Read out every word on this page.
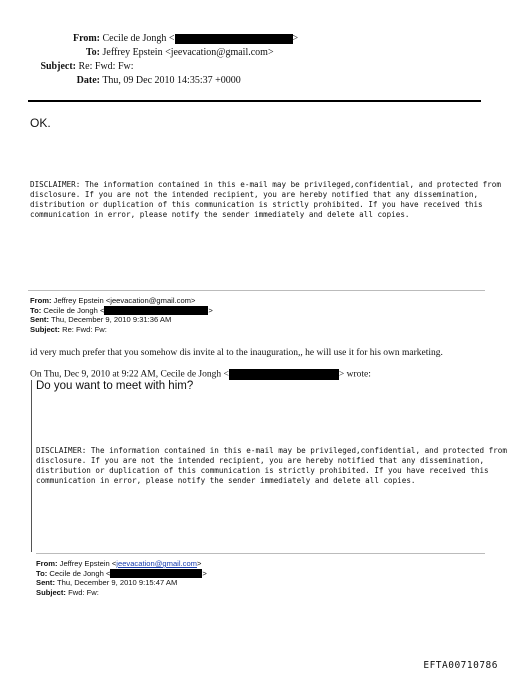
From: Cecile de Jongh <	>
To: Jeffrey Epstein <jeevacation@gmail.com>
Subject: Re: Fwd: Fw:
Date: Thu, 09 Dec 2010 14:35:37 +0000
OK.
DISCLAIMER: The information contained in this e-mail may be privileged,confidential, and protected from
disclosure. If you are not the intended recipient, you are hereby notified that any dissemination,
distribution or duplication of this communication is strictly prohibited. If you have received this
communication in error, please notify the sender immediately and delete all copies.
From: Jeffrey Epstein <jeevacation@gmail.com>
To: Cecile de Jongh <	>
Sent: Thu, December 9, 2010 9:31:36 AM
Subject: Re: Fwd: Fw:
id very much prefer that you somehow dis invite al to the inauguration,, he will use it for his own marketing.
On Thu, Dec 9, 2010 at 9:22 AM, Cecile de Jongh <	> wrote:
Do you want to meet with him?
DISCLAIMER: The information contained in this e-mail may be privileged,confidential, and protected from
disclosure. If you are not the intended recipient, you are hereby notified that any dissemination,
distribution or duplication of this communication is strictly prohibited. If you have received this
communication in error, please notify the sender immediately and delete all copies.
From: Jeffrey Epstein <jeevacation@gmail.com>
To: Cecile de Jongh <	>
Sent: Thu, December 9, 2010 9:15:47 AM
Subject: Fwd: Fw:
EFTA00710786
